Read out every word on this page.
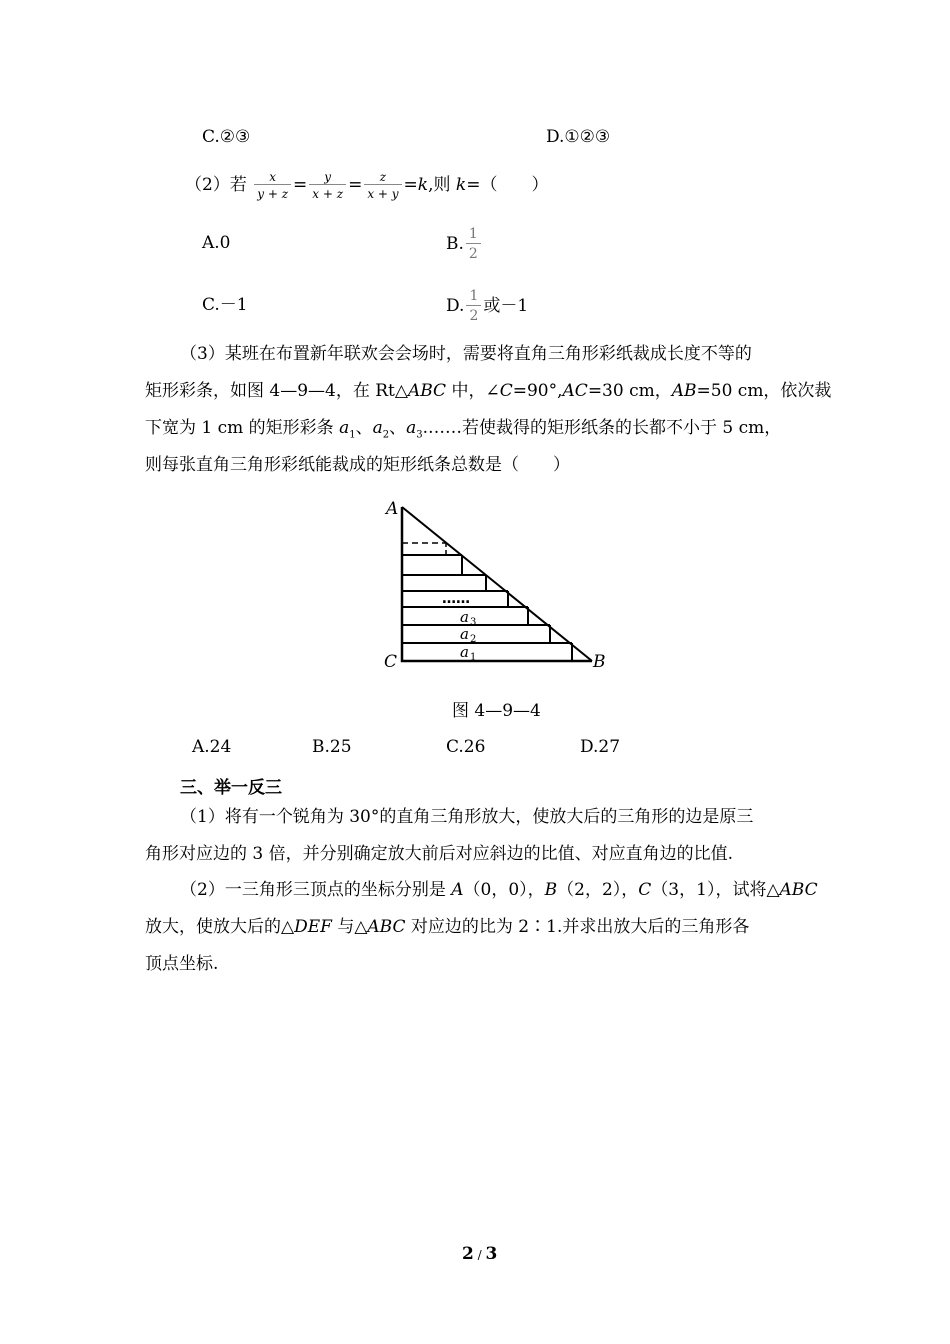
C.②③	D.①②③
（2）若 $\frac{x}{y + z} = \frac{y}{x + z} = \frac{z}{x + y} =k$,则 k=（　　）
A.0	B. $\frac{1}{2}$
C.－1	D. $\frac{1}{2}$ 或－1
（3）某班在布置新年联欢会会场时，需要将直角三角形彩纸裁成长度不等的
矩形彩条，如图 4—9—4，在 Rt△ABC 中，∠C=90°,AC=30 cm，AB=50 cm，依次裁
下宽为 1 cm 的矩形彩条 $a_1$、$a_2$、$a_3.\dots\dots$若使裁得的矩形纸条的长都不小于 5 cm，
则每张直角三角形彩纸能裁成的矩形纸条总数是（　　）
A
C	B
……
a 3
a 2
a 1
图 4—9—4
A.24	B.25	C.26	D.27
三、举一反三
（1）将有一个锐角为 30°的直角三角形放大，使放大后的三角形的边是原三
角形对应边的 3 倍，并分别确定放大前后对应斜边的比值、对应直角边的比值.
（2）一三角形三顶点的坐标分别是 A（0，0），B（2，2），C（3，1），试将△ABC
放大，使放大后的△DEF 与△ABC 对应边的比为 2∶1.并求出放大后的三角形各
顶点坐标.
2 / 3
